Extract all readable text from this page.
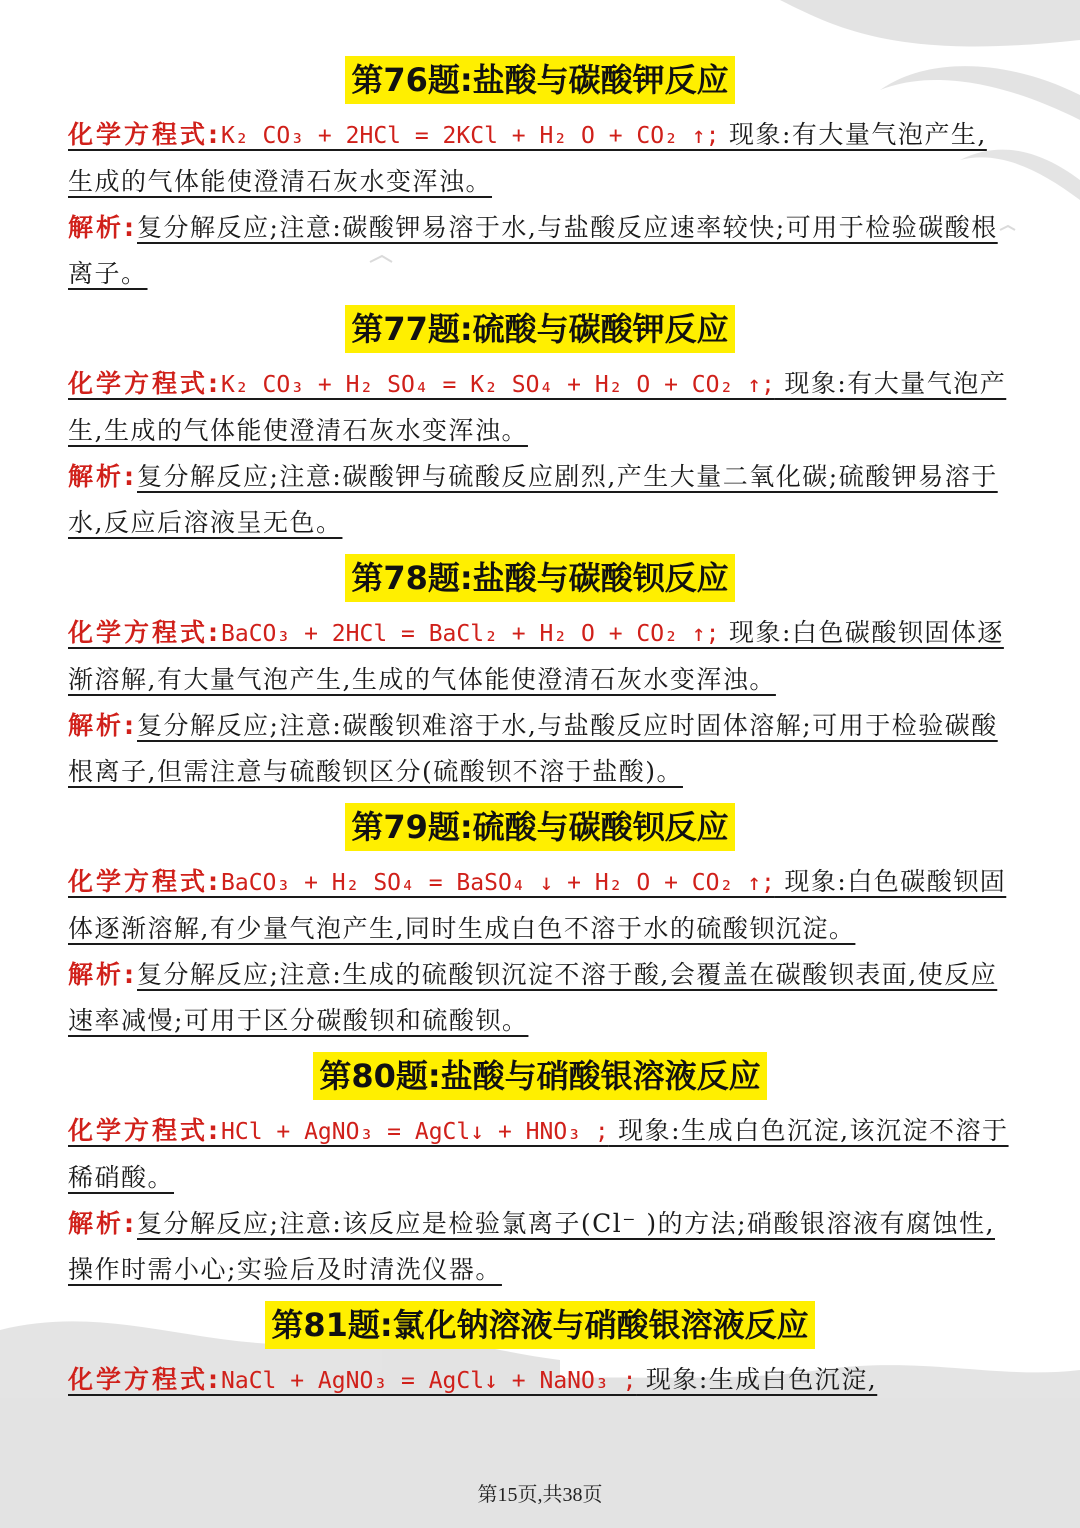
第76题:盐酸与碳酸钾反应

化学方程式:K₂ CO₃ + 2HCl = 2KCl + H₂ O + CO₂ ↑; 现象:有大量气泡产生,生成的气体能使澄清石灰水变浑浊。

解析:复分解反应;注意:碳酸钾易溶于水,与盐酸反应速率较快;可用于检验碳酸根离子。

第77题:硫酸与碳酸钾反应

化学方程式:K₂ CO₃ + H₂ SO₄ = K₂ SO₄ + H₂ O + CO₂ ↑; 现象:有大量气泡产生,生成的气体能使澄清石灰水变浑浊。

解析:复分解反应;注意:碳酸钾与硫酸反应剧烈,产生大量二氧化碳;硫酸钾易溶于水,反应后溶液呈无色。

第78题:盐酸与碳酸钡反应

化学方程式:BaCO₃ + 2HCl = BaCl₂ + H₂ O + CO₂ ↑; 现象:白色碳酸钡固体逐渐溶解,有大量气泡产生,生成的气体能使澄清石灰水变浑浊。

解析:复分解反应;注意:碳酸钡难溶于水,与盐酸反应时固体溶解;可用于检验碳酸根离子,但需注意与硫酸钡区分(硫酸钡不溶于盐酸)。

第79题:硫酸与碳酸钡反应

化学方程式:BaCO₃ + H₂ SO₄ = BaSO₄ ↓ + H₂ O + CO₂ ↑; 现象:白色碳酸钡固体逐渐溶解,有少量气泡产生,同时生成白色不溶于水的硫酸钡沉淀。

解析:复分解反应;注意:生成的硫酸钡沉淀不溶于酸,会覆盖在碳酸钡表面,使反应速率减慢;可用于区分碳酸钡和硫酸钡。

第80题:盐酸与硝酸银溶液反应

化学方程式:HCl + AgNO₃ = AgCl↓ + HNO₃ ; 现象:生成白色沉淀,该沉淀不溶于稀硝酸。

解析:复分解反应;注意:该反应是检验氯离子(Cl⁻ )的方法;硝酸银溶液有腐蚀性,操作时需小心;实验后及时清洗仪器。

第81题:氯化钠溶液与硝酸银溶液反应

化学方程式:NaCl + AgNO₃ = AgCl↓ + NaNO₃ ; 现象:生成白色沉淀,

第15页,共38页
